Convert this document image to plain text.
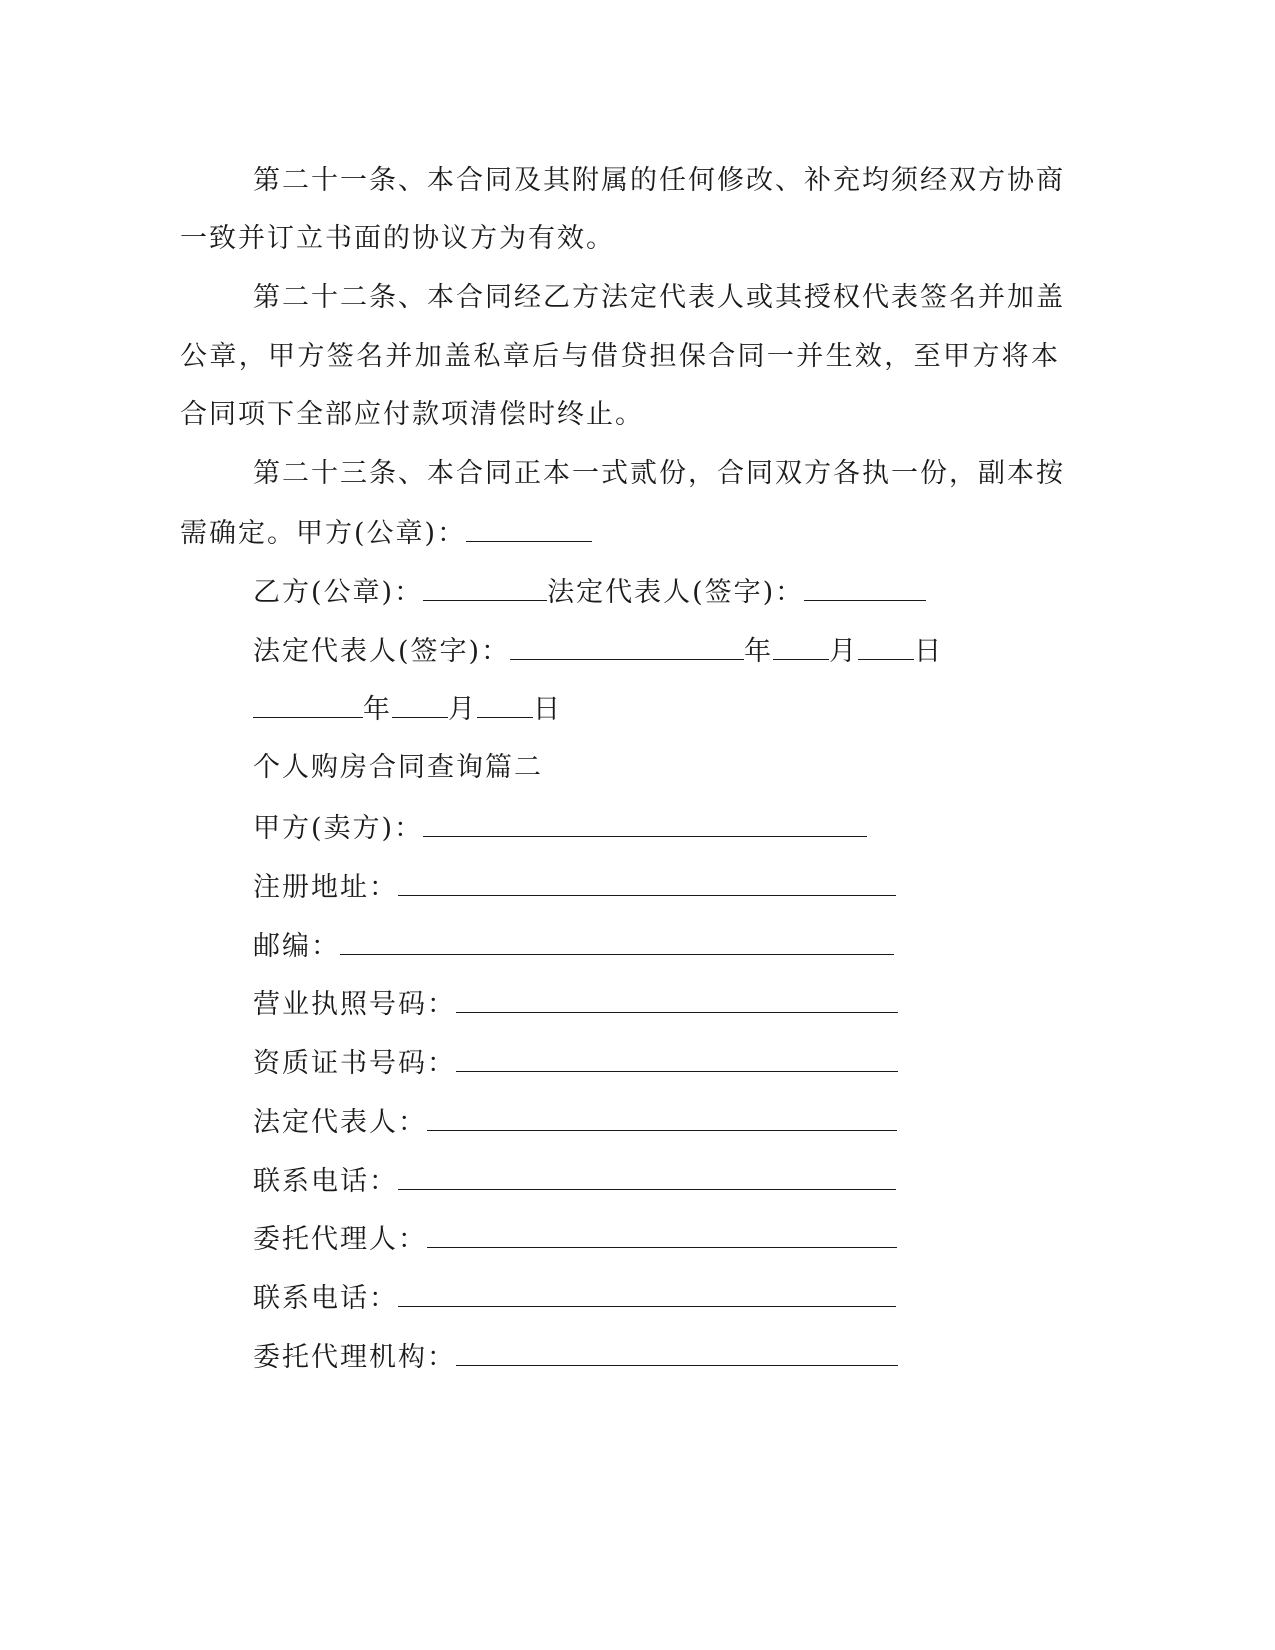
第二十一条、本合同及其附属的任何修改、补充均须经双方协商
一致并订立书面的协议方为有效。
第二十二条、本合同经乙方法定代表人或其授权代表签名并加盖
公章，甲方签名并加盖私章后与借贷担保合同一并生效，至甲方将本
合同项下全部应付款项清偿时终止。
第二十三条、本合同正本一式贰份，合同双方各执一份，副本按
需确定。甲方(公章)：
乙方(公章)：	法定代表人(签字)：
法定代表人(签字)：	年 月 日
年 月 日
个人购房合同查询篇二
甲方(卖方)：
注册地址：
邮编：
营业执照号码：
资质证书号码：
法定代表人：
联系电话：
委托代理人：
联系电话：
委托代理机构：
